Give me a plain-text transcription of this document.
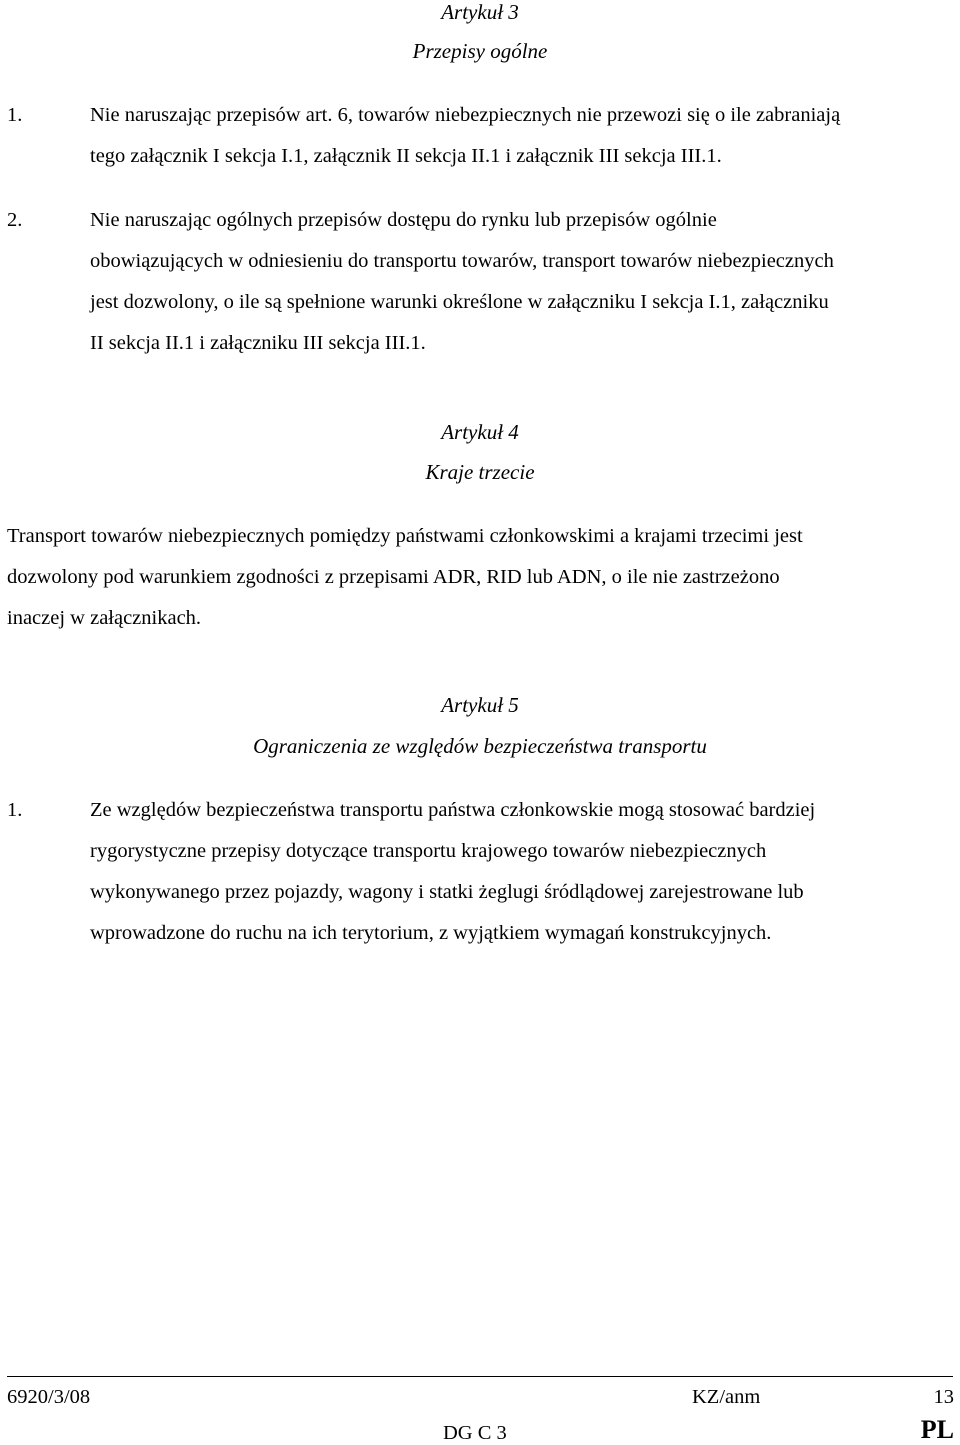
Artykuł 3
Przepisy ogólne
1.	Nie naruszając przepisów art. 6, towarów niebezpiecznych nie przewozi się o ile zabraniają
tego załącznik I sekcja I.1, załącznik II sekcja II.1 i załącznik III sekcja III.1.

2.	Nie naruszając ogólnych przepisów dostępu do rynku lub przepisów ogólnie
obowiązujących w odniesieniu do transportu towarów, transport towarów niebezpiecznych
jest dozwolony, o ile są spełnione warunki określone w załączniku I sekcja I.1, załączniku
II sekcja II.1 i załączniku III sekcja III.1.

Artykuł 4
Kraje trzecie

Transport towarów niebezpiecznych pomiędzy państwami członkowskimi a krajami trzecimi jest
dozwolony pod warunkiem zgodności z przepisami ADR, RID lub ADN, o ile nie zastrzeżono
inaczej w załącznikach.

Artykuł 5
Ograniczenia ze względów bezpieczeństwa transportu
1.	Ze względów bezpieczeństwa transportu państwa członkowskie mogą stosować bardziej
rygorystyczne przepisy dotyczące transportu krajowego towarów niebezpiecznych
wykonywanego przez pojazdy, wagony i statki żeglugi śródlądowej zarejestrowane lub
wprowadzone do ruchu na ich terytorium, z wyjątkiem wymagań konstrukcyjnych.

6920/3/08	KZ/anm	13
DG C 3	PL
